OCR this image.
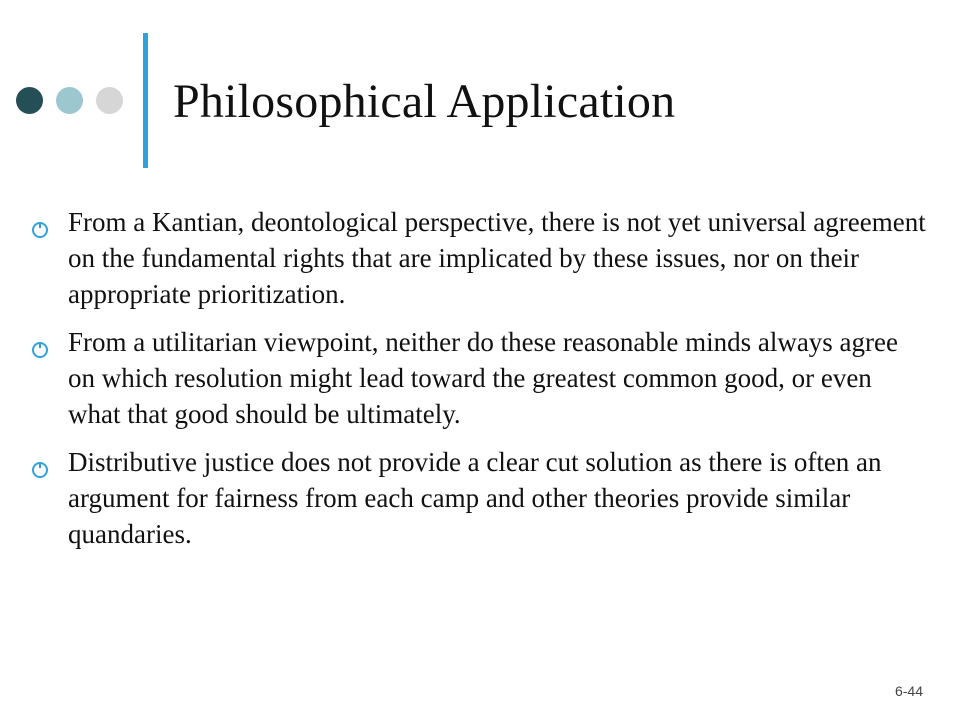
Philosophical Application
From a Kantian, deontological perspective, there is not yet universal agreement on the fundamental rights that are implicated by these issues, nor on their appropriate prioritization.
From a utilitarian viewpoint, neither do these reasonable minds always agree on which resolution might lead toward the greatest common good, or even what that good should be ultimately.
Distributive justice does not provide a clear cut solution as there is often an argument for fairness from each camp and other theories provide similar quandaries.
6-44
